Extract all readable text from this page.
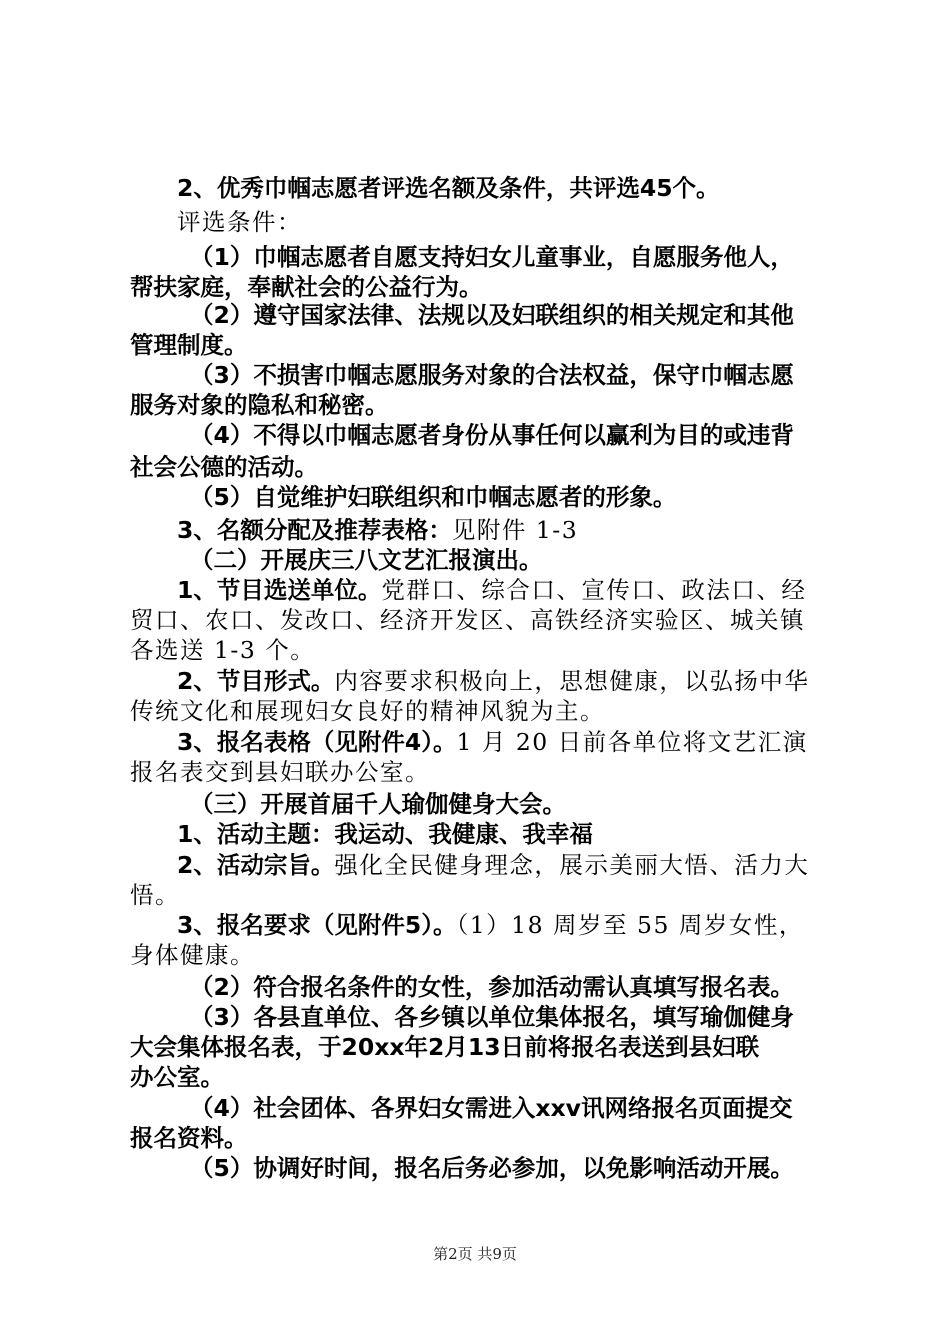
2、优秀巾帼志愿者评选名额及条件，共评选45个。
评选条件：
（1）巾帼志愿者自愿支持妇女儿童事业，自愿服务他人，
帮扶家庭，奉献社会的公益行为。
（2）遵守国家法律、法规以及妇联组织的相关规定和其他
管理制度。
（3）不损害巾帼志愿服务对象的合法权益，保守巾帼志愿
服务对象的隐私和秘密。
（4）不得以巾帼志愿者身份从事任何以赢利为目的或违背
社会公德的活动。
（5）自觉维护妇联组织和巾帼志愿者的形象。
3、名额分配及推荐表格：见附件 1-3
（二）开展庆三八文艺汇报演出。
1、节目选送单位。党群口、综合口、宣传口、政法口、经
贸口、农口、发改口、经济开发区、高铁经济实验区、城关镇
各选送 1-3 个。
2、节目形式。内容要求积极向上，思想健康，以弘扬中华
传统文化和展现妇女良好的精神风貌为主。
3、报名表格（见附件4）。1 月 20 日前各单位将文艺汇演
报名表交到县妇联办公室。
（三）开展首届千人瑜伽健身大会。
1、活动主题：我运动、我健康、我幸福
2、活动宗旨。强化全民健身理念，展示美丽大悟、活力大
悟。
3、报名要求（见附件5）。（1）18 周岁至 55 周岁女性，
身体健康。
（2）符合报名条件的女性，参加活动需认真填写报名表。
（3）各县直单位、各乡镇以单位集体报名，填写瑜伽健身
大会集体报名表，于20xx年2月13日前将报名表送到县妇联
办公室。
（4）社会团体、各界妇女需进入xxv讯网络报名页面提交
报名资料。
（5）协调好时间，报名后务必参加，以免影响活动开展。
第2页 共9页
